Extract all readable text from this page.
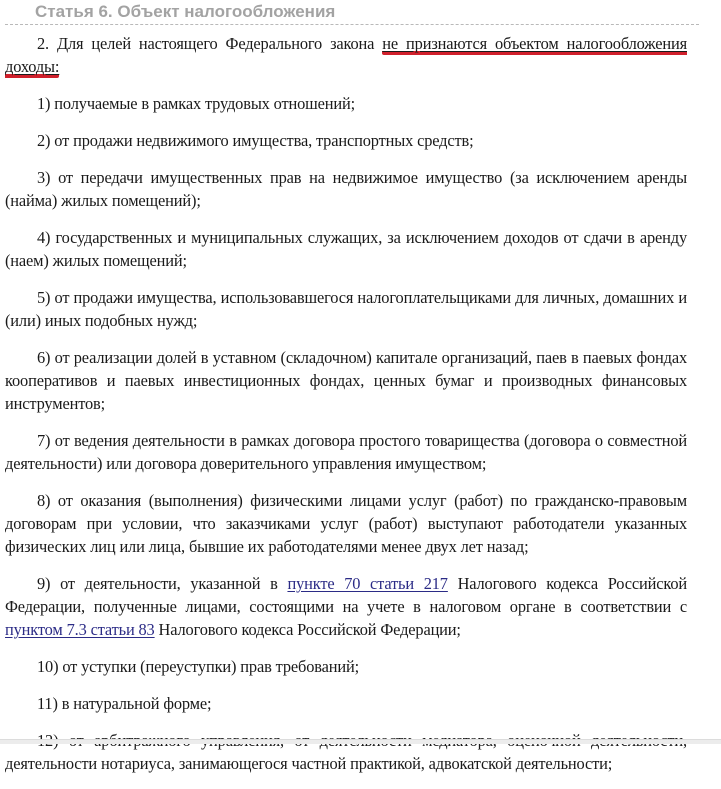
Статья 6. Объект налогообложения

2. Для целей настоящего Федерального закона не признаются объектом налогообложения доходы:

1) получаемые в рамках трудовых отношений;

2) от продажи недвижимого имущества, транспортных средств;

3) от передачи имущественных прав на недвижимое имущество (за исключением аренды (найма) жилых помещений);

4) государственных и муниципальных служащих, за исключением доходов от сдачи в аренду (наем) жилых помещений;

5) от продажи имущества, использовавшегося налогоплательщиками для личных, домашних и (или) иных подобных нужд;

6) от реализации долей в уставном (складочном) капитале организаций, паев в паевых фондах кооперативов и паевых инвестиционных фондах, ценных бумаг и производных финансовых инструментов;

7) от ведения деятельности в рамках договора простого товарищества (договора о совместной деятельности) или договора доверительного управления имуществом;

8) от оказания (выполнения) физическими лицами услуг (работ) по гражданско-правовым договорам при условии, что заказчиками услуг (работ) выступают работодатели указанных физических лиц или лица, бывшие их работодателями менее двух лет назад;

9) от деятельности, указанной в пункте 70 статьи 217 Налогового кодекса Российской Федерации, полученные лицами, состоящими на учете в налоговом органе в соответствии с пунктом 7.3 статьи 83 Налогового кодекса Российской Федерации;

10) от уступки (переуступки) прав требований;

11) в натуральной форме;

деятельности нотариуса, занимающегося частной практикой, адвокатской деятельности;
